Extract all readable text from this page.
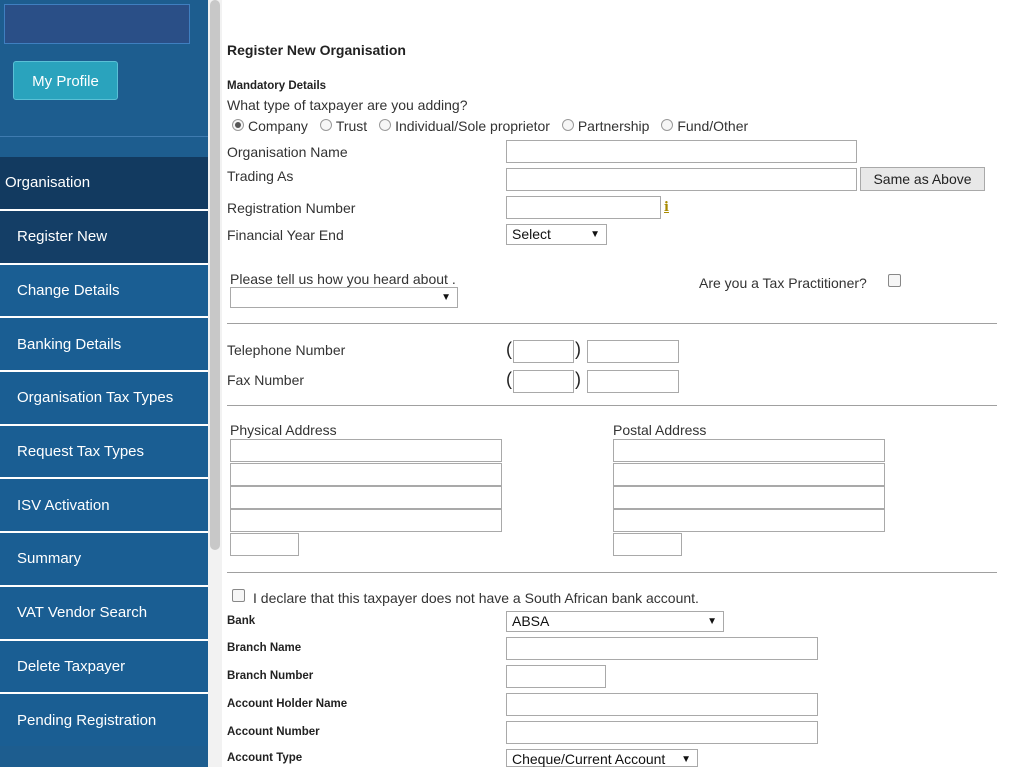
My Profile
Organisation
Register New
Change Details
Banking Details
Organisation Tax Types
Request Tax Types
ISV Activation
Summary
VAT Vendor Search
Delete Taxpayer
Pending Registration
Register New Organisation
Mandatory Details
What type of taxpayer are you adding?
Company Trust Individual/Sole proprietor Partnership Fund/Other
Organisation Name
Trading As	Same as Above
Registration Number	i
Financial Year End	Select	▼
Please tell us how you heard about .
▼
Are you a Tax Practitioner?
Telephone Number	(	)
Fax Number	(	)
Physical Address	Postal Address
I declare that this taxpayer does not have a South African bank account.
Bank	ABSA	▼
Branch Name
Branch Number
Account Holder Name
Account Number
Account Type	Cheque/Current Account ▼
